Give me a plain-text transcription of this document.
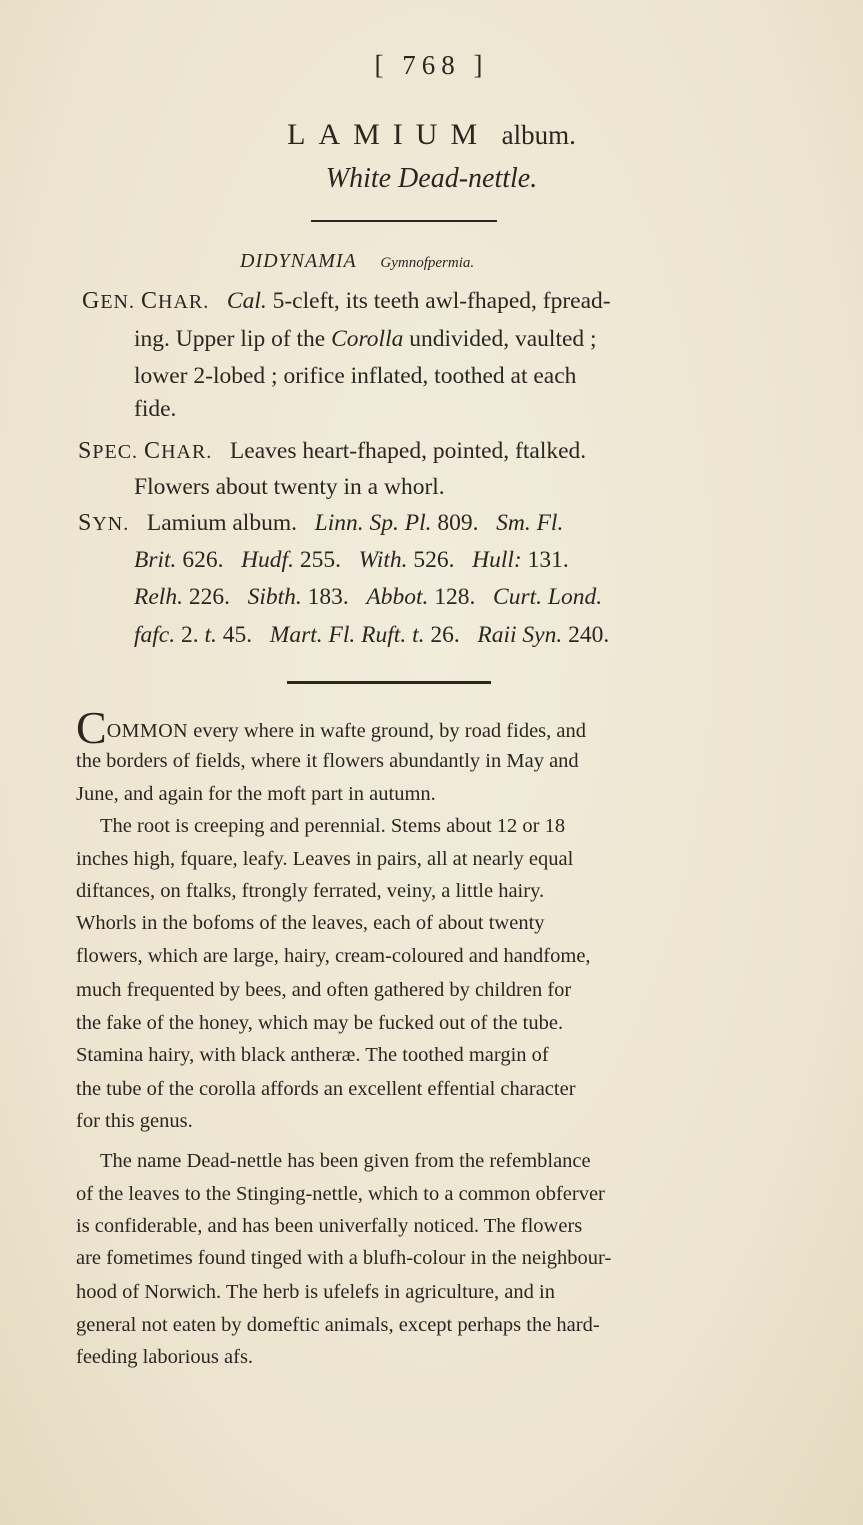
[ 768 ]
LAMIUM album.
White Dead-nettle.
DIDYNAMIA Gymnofpermia.
GEN. CHAR. Cal. 5-cleft, its teeth awl-fhaped, fpread-
ing. Upper lip of the Corolla undivided, vaulted ;
lower 2-lobed ; orifice inflated, toothed at each
fide.
SPEC. CHAR. Leaves heart-fhaped, pointed, ftalked.
Flowers about twenty in a whorl.
SYN. Lamium album. Linn. Sp. Pl. 809. Sm. Fl.
Brit. 626. Hudf. 255. With. 526. Hull: 131.
Relh. 226. Sibth. 183. Abbot. 128. Curt. Lond.
fafc. 2. t. 45. Mart. Fl. Ruft. t. 26. Raii Syn. 240.
COMMON every where in wafte ground, by road fides, and
the borders of fields, where it flowers abundantly in May and
June, and again for the moft part in autumn.
The root is creeping and perennial. Stems about 12 or 18
inches high, fquare, leafy. Leaves in pairs, all at nearly equal
diftances, on ftalks, ftrongly ferrated, veiny, a little hairy.
Whorls in the bofoms of the leaves, each of about twenty
flowers, which are large, hairy, cream-coloured and handfome,
much frequented by bees, and often gathered by children for
the fake of the honey, which may be fucked out of the tube.
Stamina hairy, with black antheræ. The toothed margin of
the tube of the corolla affords an excellent effential character
for this genus.
The name Dead-nettle has been given from the refemblance
of the leaves to the Stinging-nettle, which to a common obferver
is confiderable, and has been univerfally noticed. The flowers
are fometimes found tinged with a blufh-colour in the neighbour-
hood of Norwich. The herb is ufelefs in agriculture, and in
general not eaten by domeftic animals, except perhaps the hard-
feeding laborious afs.
